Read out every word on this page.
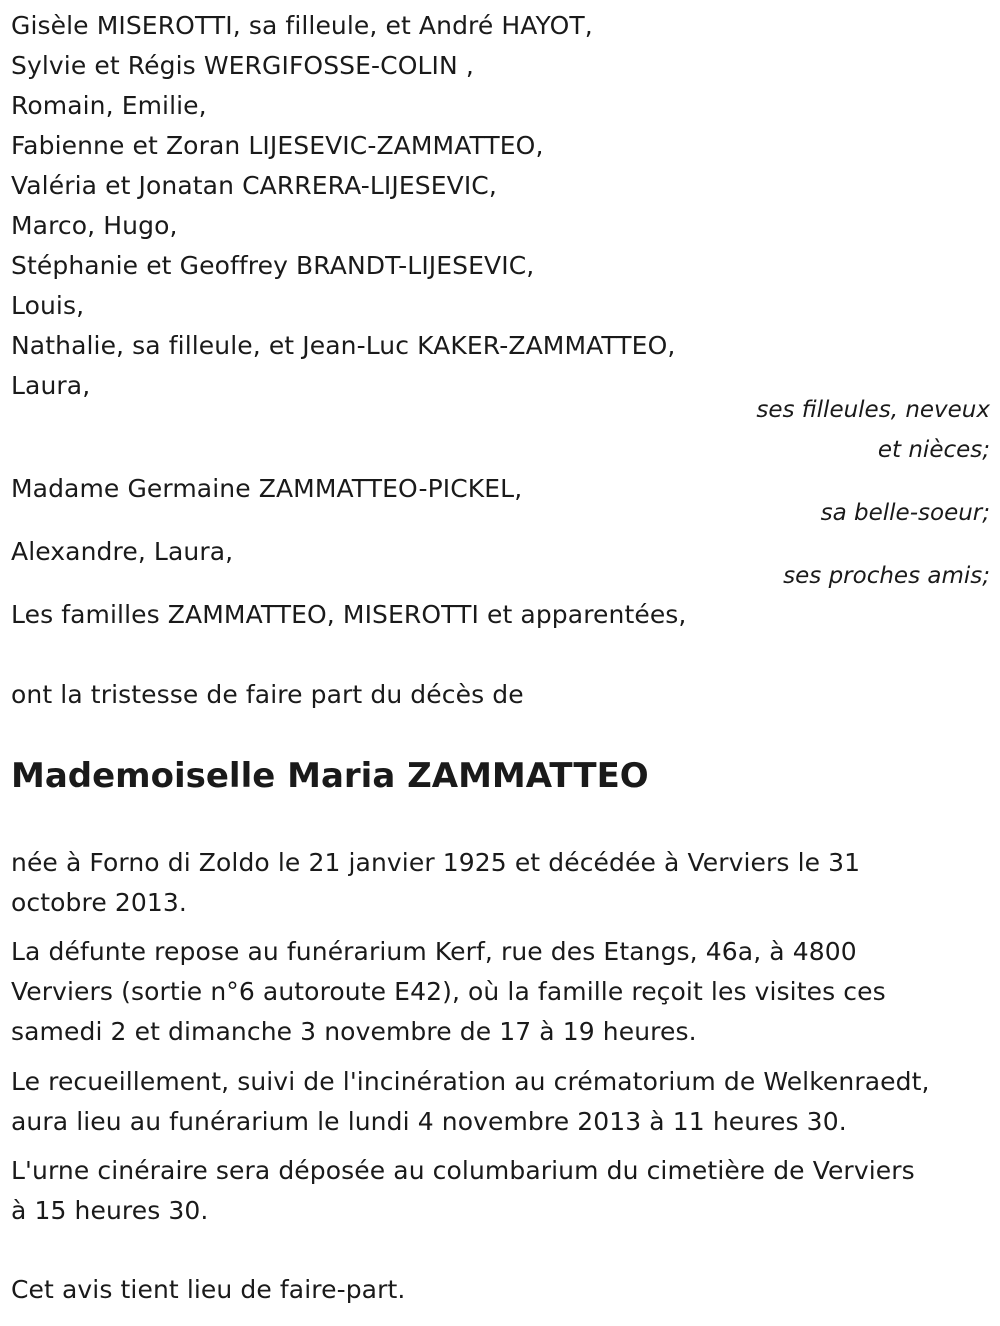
Gisèle MISEROTTI, sa filleule, et André HAYOT,
Sylvie et Régis WERGIFOSSE-COLIN ,
Romain, Emilie,
Fabienne et Zoran LIJESEVIC-ZAMMATTEO,
Valéria et Jonatan CARRERA-LIJESEVIC,
Marco, Hugo,
Stéphanie et Geoffrey BRANDT-LIJESEVIC,
Louis,
Nathalie, sa filleule, et Jean-Luc KAKER-ZAMMATTEO,
Laura,
ses filleules, neveux
et nièces;
Madame Germaine ZAMMATTEO-PICKEL,
sa belle-soeur;
Alexandre, Laura,
ses proches amis;
Les familles ZAMMATTEO, MISEROTTI et apparentées,
ont la tristesse de faire part du décès de
Mademoiselle Maria ZAMMATTEO
née à Forno di Zoldo le 21 janvier 1925 et décédée à Verviers le 31
octobre 2013.
La défunte repose au funérarium Kerf, rue des Etangs, 46a, à 4800
Verviers (sortie n°6 autoroute E42), où la famille reçoit les visites ces
samedi 2 et dimanche 3 novembre de 17 à 19 heures.
Le recueillement, suivi de l'incinération au crématorium de Welkenraedt,
aura lieu au funérarium le lundi 4 novembre 2013 à 11 heures 30.
L'urne cinéraire sera déposée au columbarium du cimetière de Verviers
à 15 heures 30.
Cet avis tient lieu de faire-part.
